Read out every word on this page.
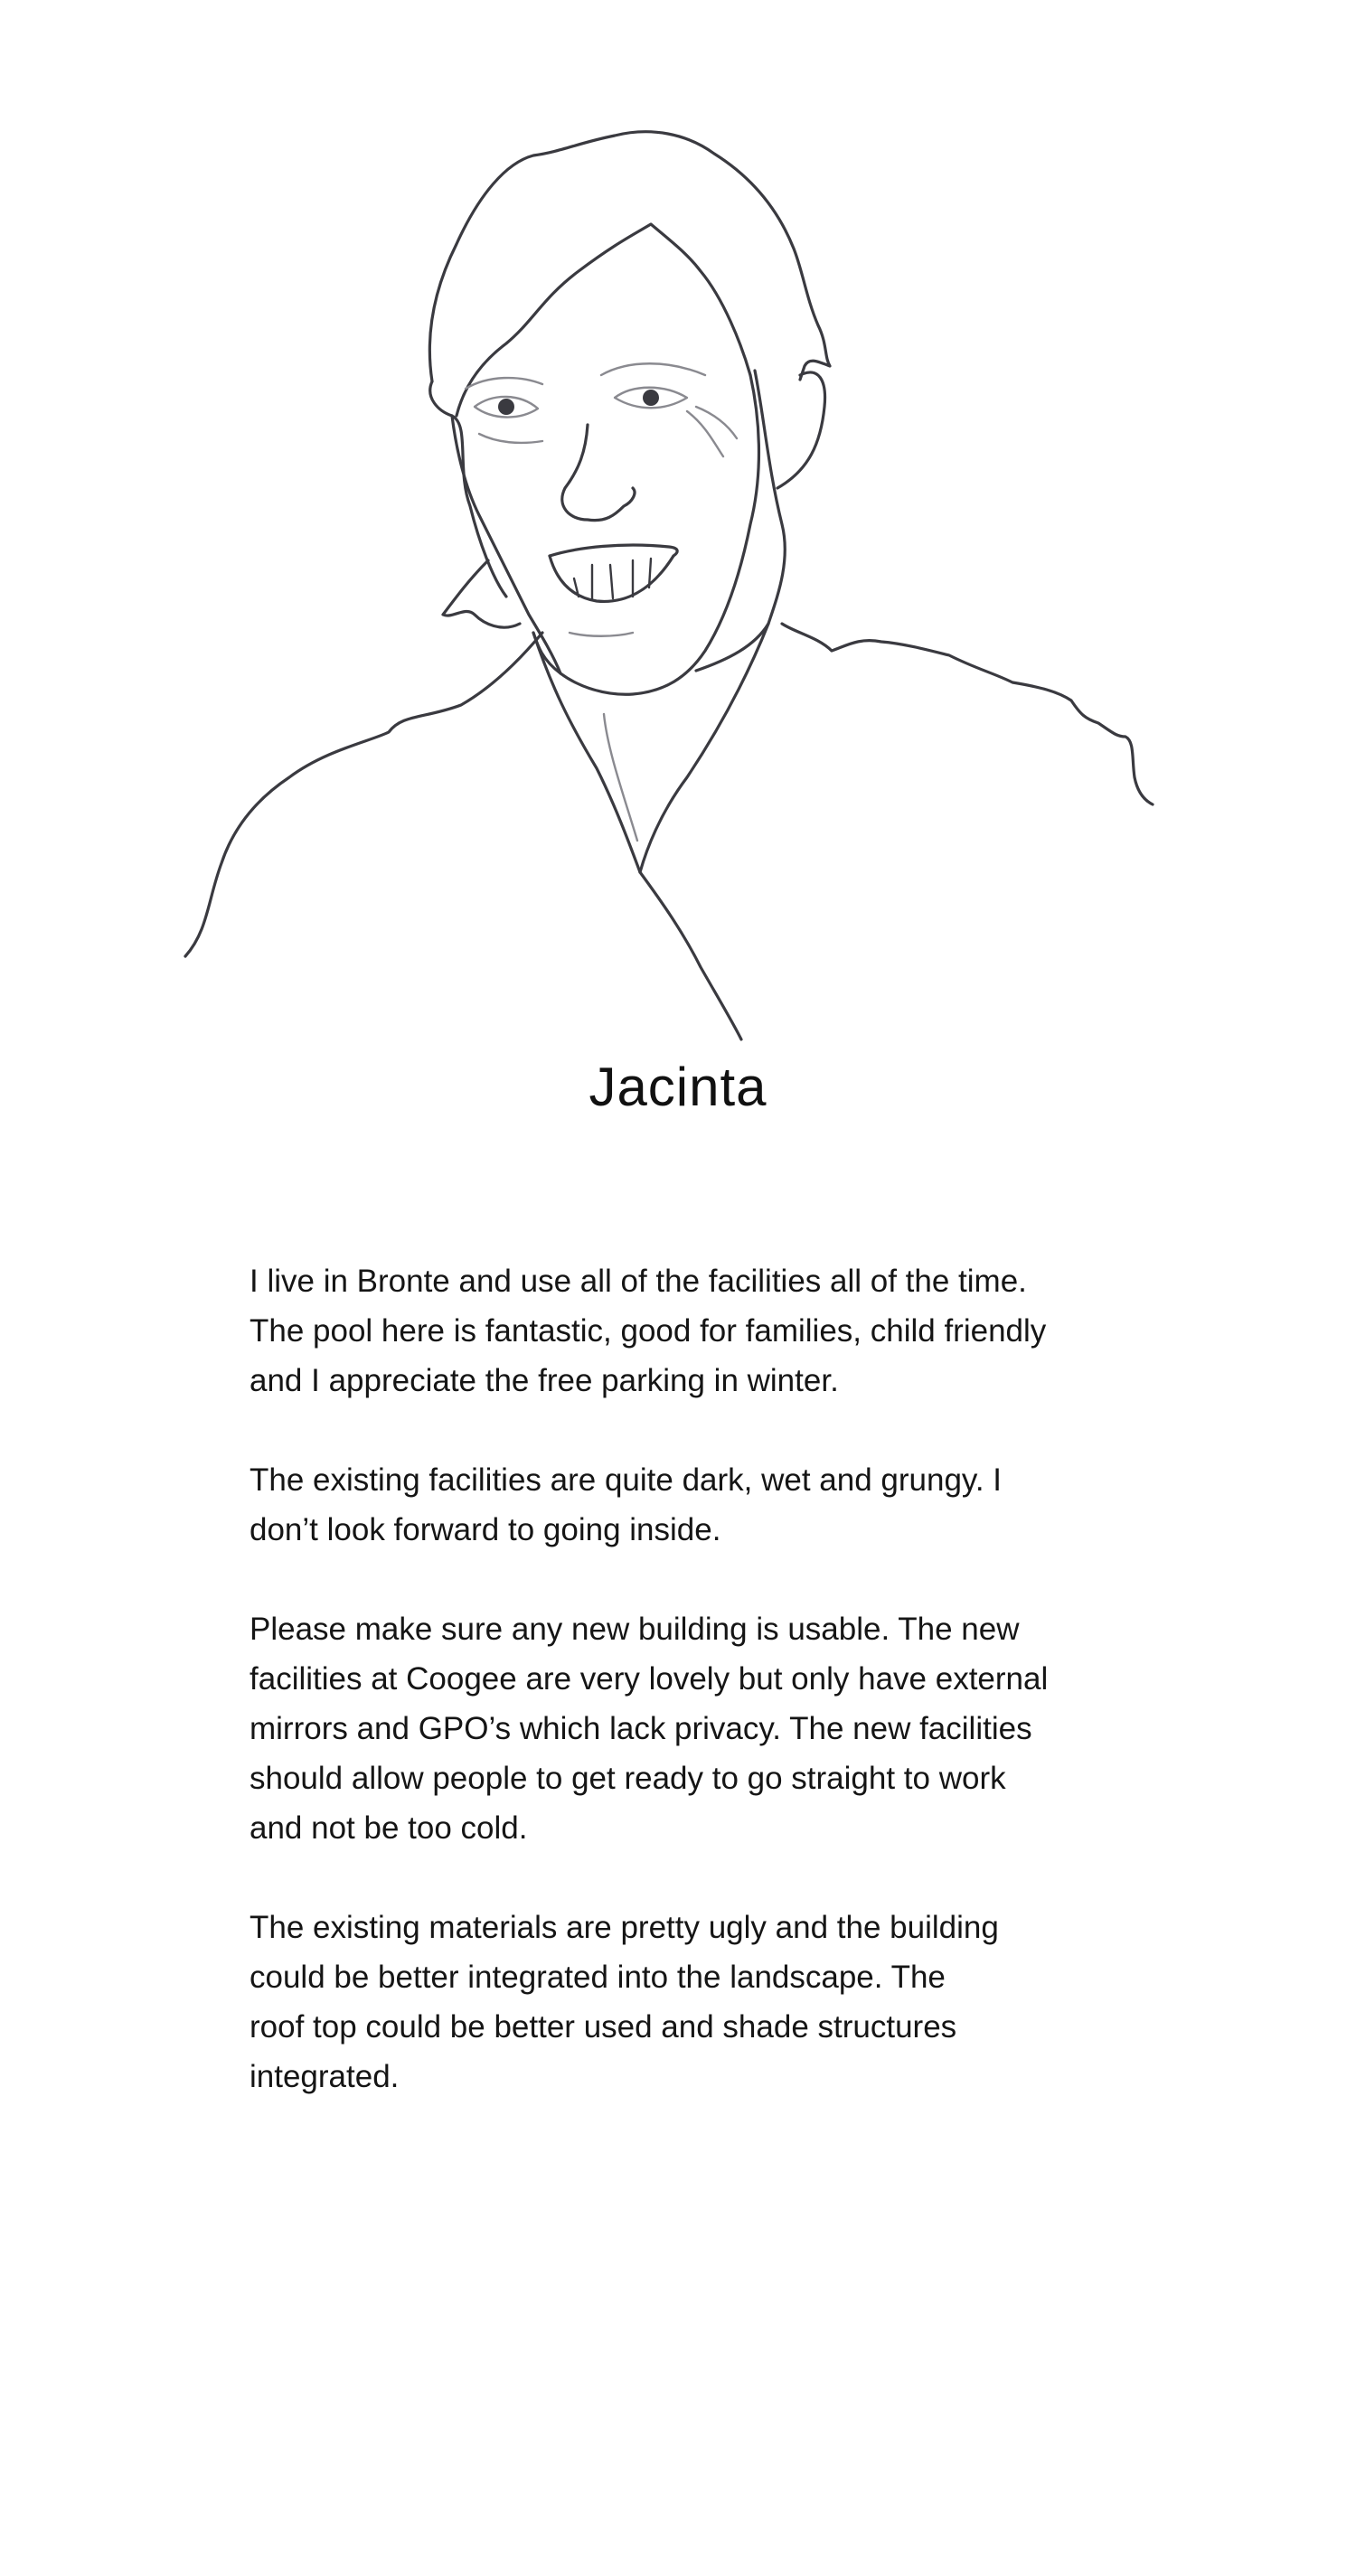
Jacinta

I live in Bronte and use all of the facilities all of the time.
The pool here is fantastic, good for families, child friendly
and I appreciate the free parking in winter.

The existing facilities are quite dark, wet and grungy. I
don’t look forward to going inside.

Please make sure any new building is usable. The new
facilities at Coogee are very lovely but only have external
mirrors and GPO’s which lack privacy. The new facilities
should allow people to get ready to go straight to work
and not be too cold.

The existing materials are pretty ugly and the building
could be better integrated into the landscape. The
roof top could be better used and shade structures
integrated.
